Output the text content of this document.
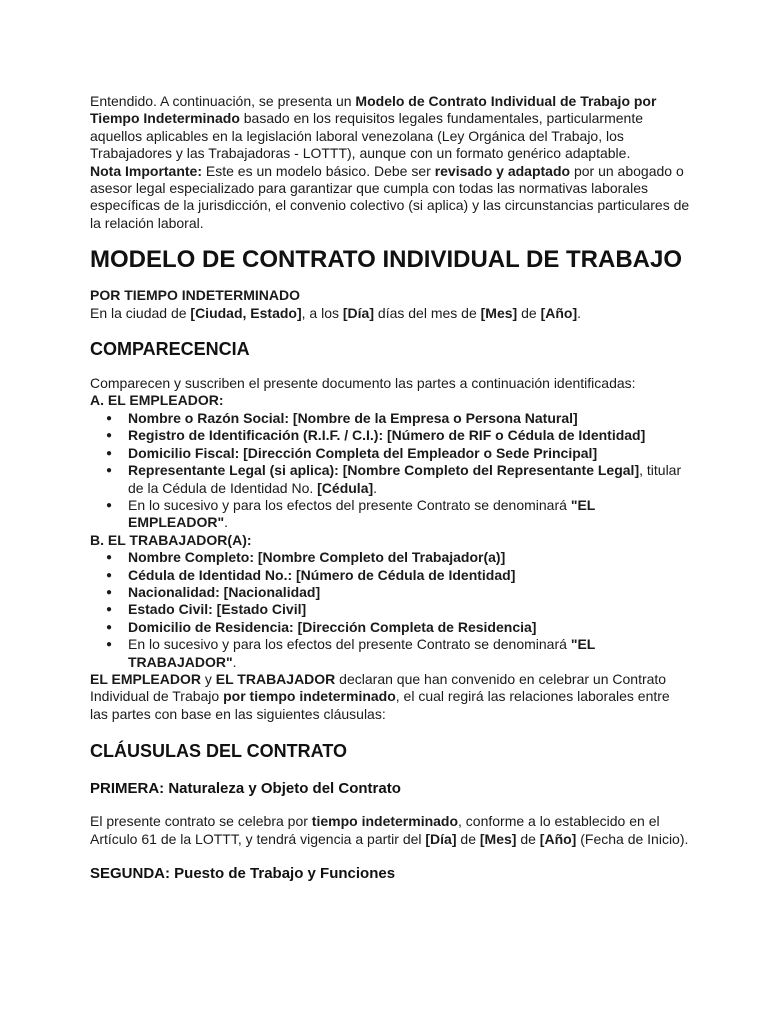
Entendido. A continuación, se presenta un Modelo de Contrato Individual de Trabajo por Tiempo Indeterminado basado en los requisitos legales fundamentales, particularmente aquellos aplicables en la legislación laboral venezolana (Ley Orgánica del Trabajo, los Trabajadores y las Trabajadoras - LOTTT), aunque con un formato genérico adaptable.

Nota Importante: Este es un modelo básico. Debe ser revisado y adaptado por un abogado o asesor legal especializado para garantizar que cumpla con todas las normativas laborales específicas de la jurisdicción, el convenio colectivo (si aplica) y las circunstancias particulares de la relación laboral.

MODELO DE CONTRATO INDIVIDUAL DE TRABAJO

POR TIEMPO INDETERMINADO

En la ciudad de [Ciudad, Estado], a los [Día] días del mes de [Mes] de [Año].

COMPARECENCIA

Comparecen y suscriben el presente documento las partes a continuación identificadas:

A. EL EMPLEADOR:

● Nombre o Razón Social: [Nombre de la Empresa o Persona Natural]
● Registro de Identificación (R.I.F. / C.I.): [Número de RIF o Cédula de Identidad]
● Domicilio Fiscal: [Dirección Completa del Empleador o Sede Principal]
● Representante Legal (si aplica): [Nombre Completo del Representante Legal], titular de la Cédula de Identidad No. [Cédula].
● En lo sucesivo y para los efectos del presente Contrato se denominará "EL EMPLEADOR".

B. EL TRABAJADOR(A):

● Nombre Completo: [Nombre Completo del Trabajador(a)]
● Cédula de Identidad No.: [Número de Cédula de Identidad]
● Nacionalidad: [Nacionalidad]
● Estado Civil: [Estado Civil]
● Domicilio de Residencia: [Dirección Completa de Residencia]
● En lo sucesivo y para los efectos del presente Contrato se denominará "EL TRABAJADOR".

EL EMPLEADOR y EL TRABAJADOR declaran que han convenido en celebrar un Contrato Individual de Trabajo por tiempo indeterminado, el cual regirá las relaciones laborales entre las partes con base en las siguientes cláusulas:

CLÁUSULAS DEL CONTRATO
PRIMERA: Naturaleza y Objeto del Contrato

El presente contrato se celebra por tiempo indeterminado, conforme a lo establecido en el Artículo 61 de la LOTTT, y tendrá vigencia a partir del [Día] de [Mes] de [Año] (Fecha de Inicio).

SEGUNDA: Puesto de Trabajo y Funciones
